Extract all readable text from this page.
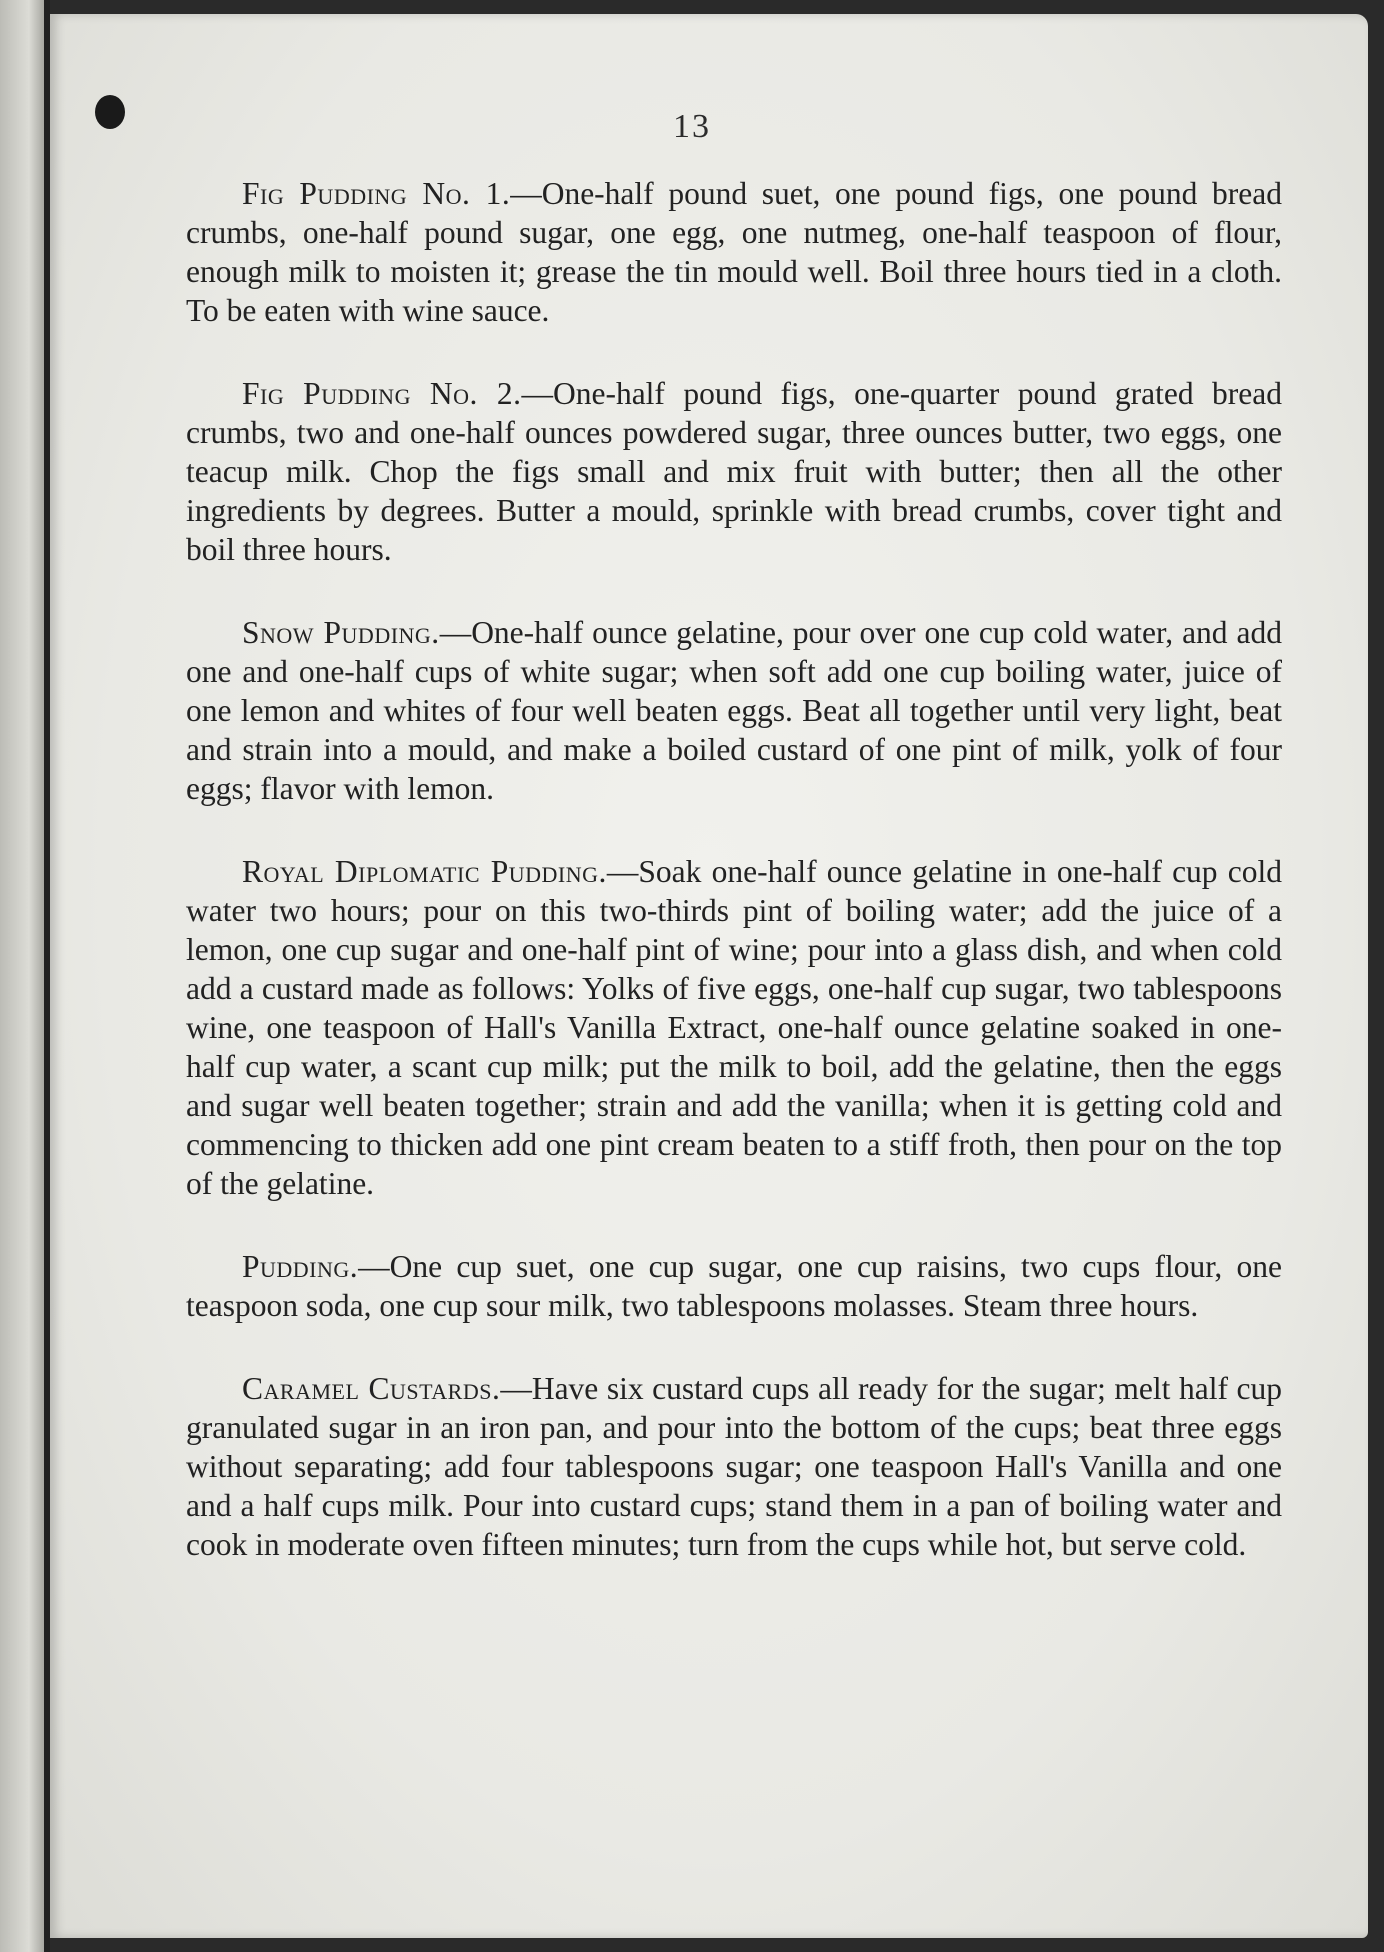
13

Fig Pudding No. 1.—One-half pound suet, one pound figs, one pound bread crumbs, one-half pound sugar, one egg, one nutmeg, one-half teaspoon of flour, enough milk to moisten it; grease the tin mould well. Boil three hours tied in a cloth. To be eaten with wine sauce.

Fig Pudding No. 2.—One-half pound figs, one-quarter pound grated bread crumbs, two and one-half ounces powdered sugar, three ounces butter, two eggs, one teacup milk. Chop the figs small and mix fruit with butter; then all the other ingredients by degrees. Butter a mould, sprinkle with bread crumbs, cover tight and boil three hours.

Snow Pudding.—One-half ounce gelatine, pour over one cup cold water, and add one and one-half cups of white sugar; when soft add one cup boiling water, juice of one lemon and whites of four well beaten eggs. Beat all together until very light, beat and strain into a mould, and make a boiled custard of one pint of milk, yolk of four eggs; flavor with lemon.

Royal Diplomatic Pudding.—Soak one-half ounce gelatine in one-half cup cold water two hours; pour on this two-thirds pint of boiling water; add the juice of a lemon, one cup sugar and one-half pint of wine; pour into a glass dish, and when cold add a custard made as follows: Yolks of five eggs, one-half cup sugar, two tablespoons wine, one teaspoon of Hall's Vanilla Extract, one-half ounce gelatine soaked in one-half cup water, a scant cup milk; put the milk to boil, add the gelatine, then the eggs and sugar well beaten together; strain and add the vanilla; when it is getting cold and commencing to thicken add one pint cream beaten to a stiff froth, then pour on the top of the gelatine.

Pudding.—One cup suet, one cup sugar, one cup raisins, two cups flour, one teaspoon soda, one cup sour milk, two tablespoons molasses. Steam three hours.

Caramel Custards.—Have six custard cups all ready for the sugar; melt half cup granulated sugar in an iron pan, and pour into the bottom of the cups; beat three eggs without separating; add four tablespoons sugar; one teaspoon Hall's Vanilla and one and a half cups milk. Pour into custard cups; stand them in a pan of boiling water and cook in moderate oven fifteen minutes; turn from the cups while hot, but serve cold.
